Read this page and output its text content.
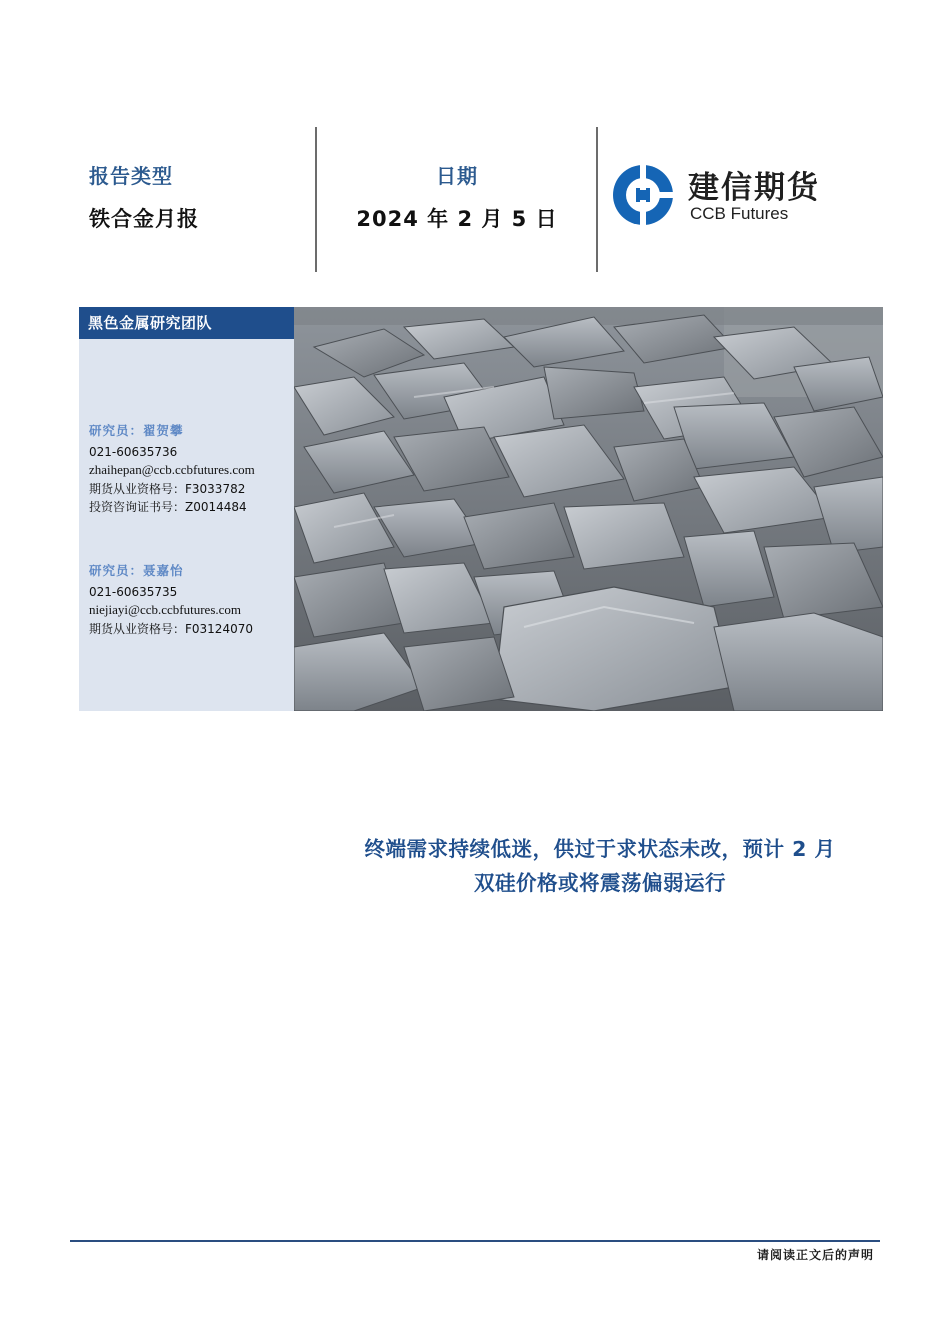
报告类型
铁合金月报
日期
2024 年 2 月 5 日
建信期货
CCB Futures
黑色金属研究团队
研究员：翟贺攀
021-60635736
zhaihepan@ccb.ccbfutures.com
期货从业资格号：F3033782
投资咨询证书号：Z0014484
研究员：聂嘉怡
021-60635735
niejiayi@ccb.ccbfutures.com
期货从业资格号：F03124070
终端需求持续低迷，供过于求状态未改，预计 2 月
双硅价格或将震荡偏弱运行
请阅读正文后的声明
